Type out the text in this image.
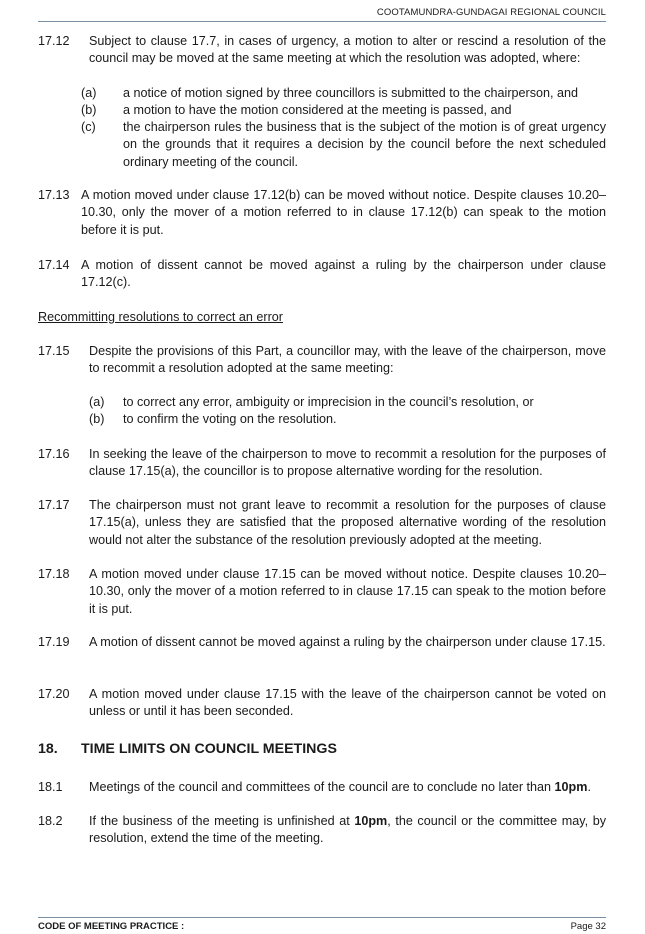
COOTAMUNDRA-GUNDAGAI REGIONAL COUNCIL
17.12 Subject to clause 17.7, in cases of urgency, a motion to alter or rescind a resolution of the council may be moved at the same meeting at which the resolution was adopted, where:
(a) a notice of motion signed by three councillors is submitted to the chairperson, and
(b) a motion to have the motion considered at the meeting is passed, and
(c) the chairperson rules the business that is the subject of the motion is of great urgency on the grounds that it requires a decision by the council before the next scheduled ordinary meeting of the council.
17.13 A motion moved under clause 17.12(b) can be moved without notice. Despite clauses 10.20–10.30, only the mover of a motion referred to in clause 17.12(b) can speak to the motion before it is put.
17.14 A motion of dissent cannot be moved against a ruling by the chairperson under clause 17.12(c).
Recommitting resolutions to correct an error
17.15 Despite the provisions of this Part, a councillor may, with the leave of the chairperson, move to recommit a resolution adopted at the same meeting:
(a) to correct any error, ambiguity or imprecision in the council’s resolution, or
(b) to confirm the voting on the resolution.
17.16 In seeking the leave of the chairperson to move to recommit a resolution for the purposes of clause 17.15(a), the councillor is to propose alternative wording for the resolution.
17.17 The chairperson must not grant leave to recommit a resolution for the purposes of clause 17.15(a), unless they are satisfied that the proposed alternative wording of the resolution would not alter the substance of the resolution previously adopted at the meeting.
17.18 A motion moved under clause 17.15 can be moved without notice. Despite clauses 10.20–10.30, only the mover of a motion referred to in clause 17.15 can speak to the motion before it is put.
17.19 A motion of dissent cannot be moved against a ruling by the chairperson under clause 17.15.
17.20 A motion moved under clause 17.15 with the leave of the chairperson cannot be voted on unless or until it has been seconded.
18. TIME LIMITS ON COUNCIL MEETINGS
18.1 Meetings of the council and committees of the council are to conclude no later than 10pm.
18.2 If the business of the meeting is unfinished at 10pm, the council or the committee may, by resolution, extend the time of the meeting.
CODE OF MEETING PRACTICE :	Page 32
